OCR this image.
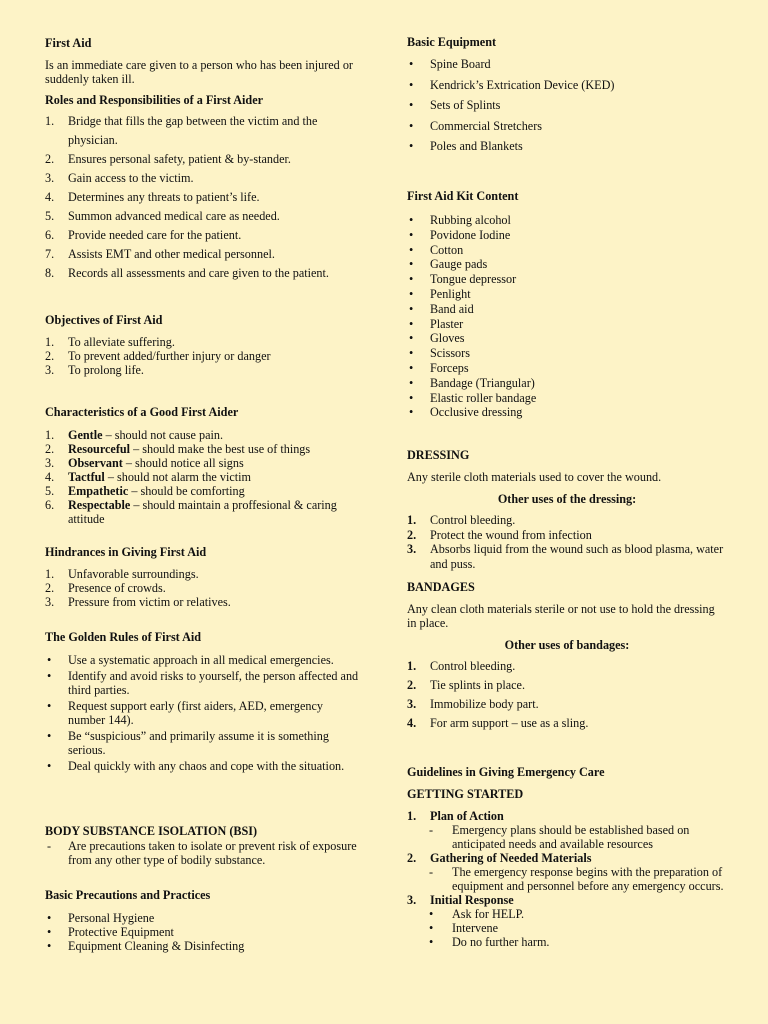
First Aid

Is an immediate care given to a person who has been injured or suddenly taken ill.

Roles and Responsibilities of a First Aider

1. Bridge that fills the gap between the victim and the physician.
2. Ensures personal safety, patient & by-stander.
3. Gain access to the victim.
4. Determines any threats to patient’s life.
5. Summon advanced medical care as needed.
6. Provide needed care for the patient.
7. Assists EMT and other medical personnel.
8. Records all assessments and care given to the patient.

Objectives of First Aid

1. To alleviate suffering.
2. To prevent added/further injury or danger
3. To prolong life.

Characteristics of a Good First Aider

1. Gentle – should not cause pain.
2. Resourceful – should make the best use of things
3. Observant – should notice all signs
4. Tactful – should not alarm the victim
5. Empathetic – should be comforting
6. Respectable – should maintain a proffesional & caring attitude

Hindrances in Giving First Aid

1. Unfavorable surroundings.
2. Presence of crowds.
3. Pressure from victim or relatives.

The Golden Rules of First Aid

• Use a systematic approach in all medical emergencies.
• Identify and avoid risks to yourself, the person affected and third parties.
• Request support early (first aiders, AED, emergency number 144).
• Be “suspicious” and primarily assume it is something serious.
• Deal quickly with any chaos and cope with the situation.

BODY SUBSTANCE ISOLATION (BSI)

- Are precautions taken to isolate or prevent risk of exposure from any other type of bodily substance.

Basic Precautions and Practices

• Personal Hygiene
• Protective Equipment
• Equipment Cleaning & Disinfecting

Basic Equipment

• Spine Board
• Kendrick’s Extrication Device (KED)
• Sets of Splints
• Commercial Stretchers
• Poles and Blankets

First Aid Kit Content

• Rubbing alcohol
• Povidone Iodine
• Cotton
• Gauge pads
• Tongue depressor
• Penlight
• Band aid
• Plaster
• Gloves
• Scissors
• Forceps
• Bandage (Triangular)
• Elastic roller bandage
• Occlusive dressing

DRESSING

Any sterile cloth materials used to cover the wound.

Other uses of the dressing:

1. Control bleeding.
2. Protect the wound from infection
3. Absorbs liquid from the wound such as blood plasma, water and puss.

BANDAGES

Any clean cloth materials sterile or not use to hold the dressing in place.

Other uses of bandages:

1. Control bleeding.
2. Tie splints in place.
3. Immobilize body part.
4. For arm support – use as a sling.

Guidelines in Giving Emergency Care

GETTING STARTED

1. Plan of Action
- Emergency plans should be established based on anticipated needs and available resources
2. Gathering of Needed Materials
- The emergency response begins with the preparation of equipment and personnel before any emergency occurs.
3. Initial Response
• Ask for HELP.
• Intervene
• Do no further harm.
